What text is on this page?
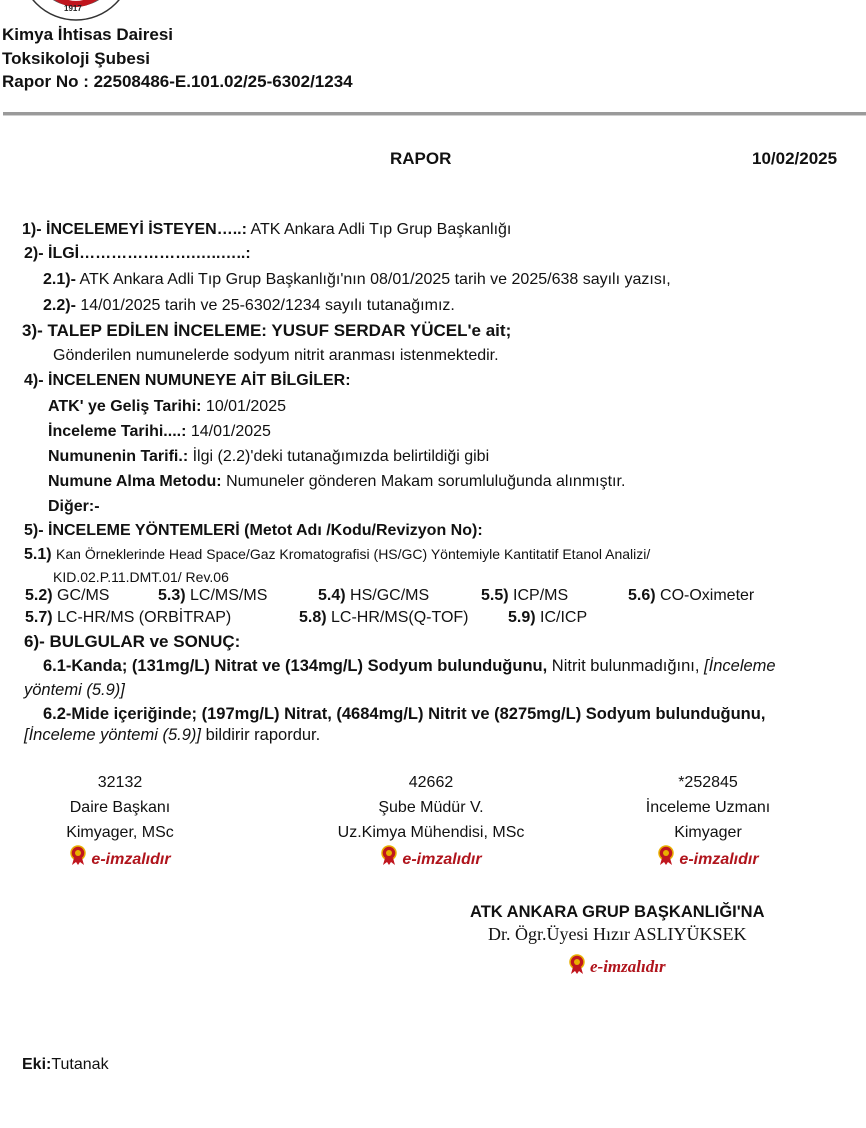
1917
Kimya İhtisas Dairesi
Toksikoloji Şubesi
Rapor No : 22508486-E.101.02/25-6302/1234
RAPOR	10/02/2025
1)- İNCELEMEYİ İSTEYEN…..: ATK Ankara Adli Tıp Grup Başkanlığı
2)- İLGİ………………….…..…..:
2.1)- ATK Ankara Adli Tıp Grup Başkanlığı'nın 08/01/2025 tarih ve 2025/638 sayılı yazısı,
2.2)- 14/01/2025 tarih ve 25-6302/1234 sayılı tutanağımız.
3)- TALEP EDİLEN İNCELEME: YUSUF SERDAR YÜCEL'e ait;
Gönderilen numunelerde sodyum nitrit aranması istenmektedir.
4)- İNCELENEN NUMUNEYE AİT BİLGİLER:
ATK' ye Geliş Tarihi: 10/01/2025
İnceleme Tarihi....: 14/01/2025
Numunenin Tarifi.: İlgi (2.2)'deki tutanağımızda belirtildiği gibi
Numune Alma Metodu: Numuneler gönderen Makam sorumluluğunda alınmıştır.
Diğer:-
5)- İNCELEME YÖNTEMLERİ (Metot Adı /Kodu/Revizyon No):
5.1) Kan Örneklerinde Head Space/Gaz Kromatografisi (HS/GC) Yöntemiyle Kantitatif Etanol Analizi/
KID.02.P.11.DMT.01/ Rev.06
5.2) GC/MS	5.3) LC/MS/MS	5.4) HS/GC/MS	5.5) ICP/MS	5.6) CO-Oximeter
5.7) LC-HR/MS (ORBİTRAP)	5.8) LC-HR/MS(Q-TOF) 5.9) IC/ICP
6)- BULGULAR ve SONUÇ:
6.1-Kanda; (131mg/L) Nitrat ve (134mg/L) Sodyum bulunduğunu, Nitrit bulunmadığını, [İnceleme
yöntemi (5.9)]
6.2-Mide içeriğinde; (197mg/L) Nitrat, (4684mg/L) Nitrit ve (8275mg/L) Sodyum bulunduğunu,
[İnceleme yöntemi (5.9)] bildirir rapordur.
32132
Daire Başkanı
Kimyager, MSc
e-imzalıdır
42662
Şube Müdür V.
Uz.Kimya Mühendisi, MSc
e-imzalıdır
*252845
İnceleme Uzmanı
Kimyager
e-imzalıdır
ATK ANKARA GRUP BAŞKANLIĞI'NA
Dr. Ögr.Üyesi Hızır ASLIYÜKSEK
e-imzalıdır
Eki:Tutanak
